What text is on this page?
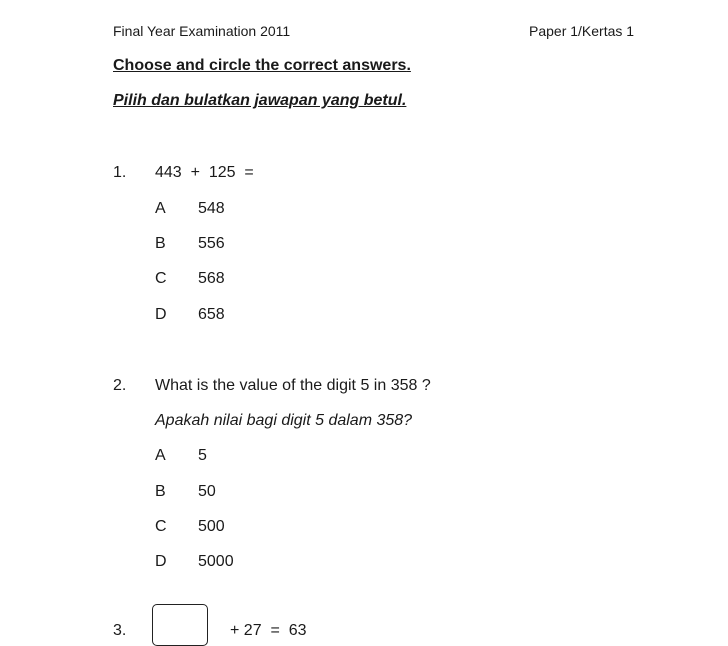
Final Year Examination 2011	Paper 1/Kertas 1
Choose and circle the correct answers.
Pilih dan bulatkan jawapan yang betul.
1. 443  +  125  =
A 548
B 556
C 568
D 658
2. What is the value of the digit 5 in 358 ?
Apakah nilai bagi digit 5 dalam 358?
A 5
B 50
C 500
D 5000
3.	+ 27  =  63
